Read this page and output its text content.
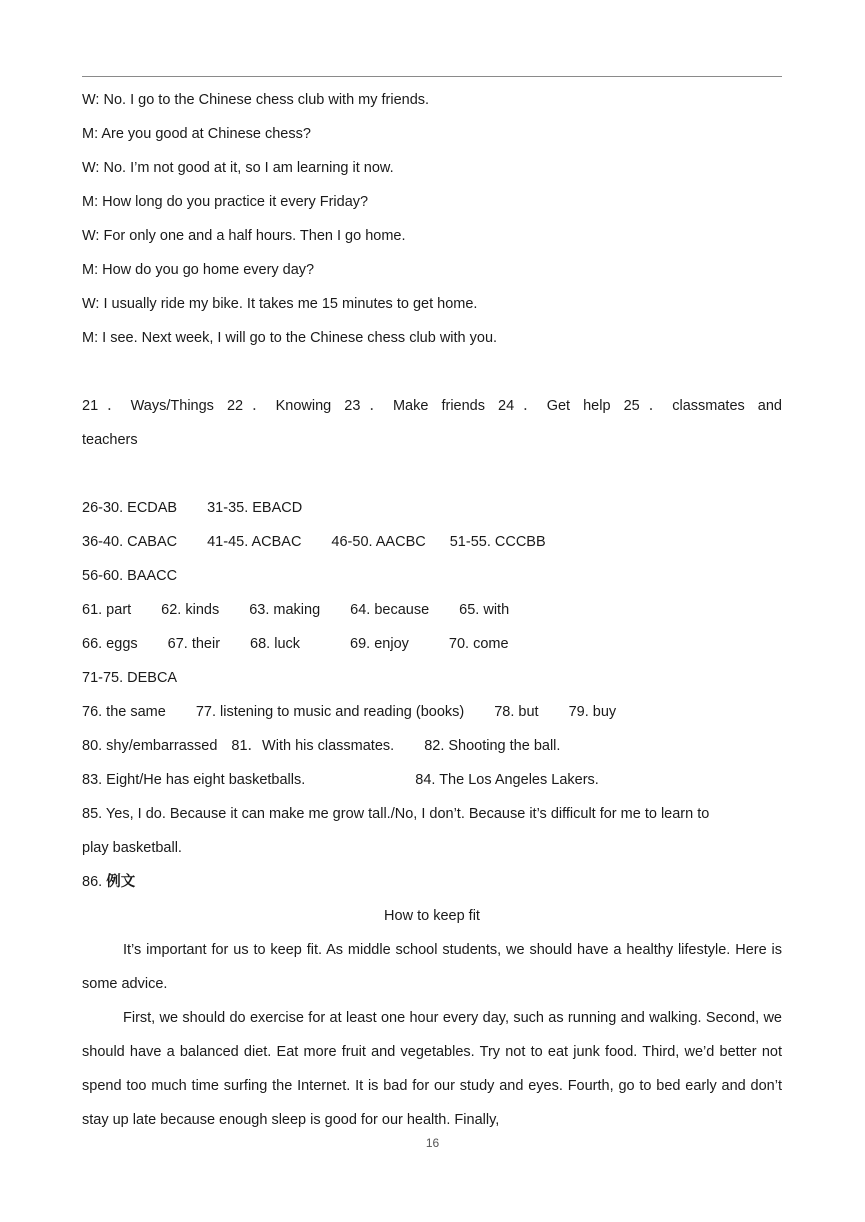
W: No. I go to the Chinese chess club with my friends.
M: Are you good at Chinese chess?
W: No. I’m not good at it, so I am learning it now.
M: How long do you practice it every Friday?
W: For only one and a half hours. Then I go home.
M: How do you go home every day?
W: I usually ride my bike. It takes me 15 minutes to get home.
M: I see. Next week, I will go to the Chinese chess club with you.
21．Ways/Things 22．Knowing 23．Make friends 24．Get help 25．classmates and
teachers
26-30. ECDAB 31-35. EBACD
36-40. CABAC 41-45. ACBAC 46-50. AACBC 51-55. CCCBB
56-60. BAACC
61. part 62. kinds 63. making 64. because 65. with
66. eggs 67. their 68. luck	69. enjoy	70. come
71-75. DEBCA
76. the same 77. listening to music and reading (books) 78. but 79. buy
80. shy/embarrassed 81．With his classmates. 82. Shooting the ball.
83. Eight/He has eight basketballs.	84. The Los Angeles Lakers.
85. Yes, I do. Because it can make me grow tall./No, I don’t. Because it’s difficult for me to learn to
play basketball.
86. 例文
How to keep fit
It’s important for us to keep fit. As middle school students, we should have a healthy lifestyle. Here is some advice.
First, we should do exercise for at least one hour every day, such as running and walking. Second, we should have a balanced diet. Eat more fruit and vegetables. Try not to eat junk food. Third, we’d better not spend too much time surfing the Internet. It is bad for our study and eyes. Fourth, go to bed early and don’t stay up late because enough sleep is good for our health. Finally,
16
